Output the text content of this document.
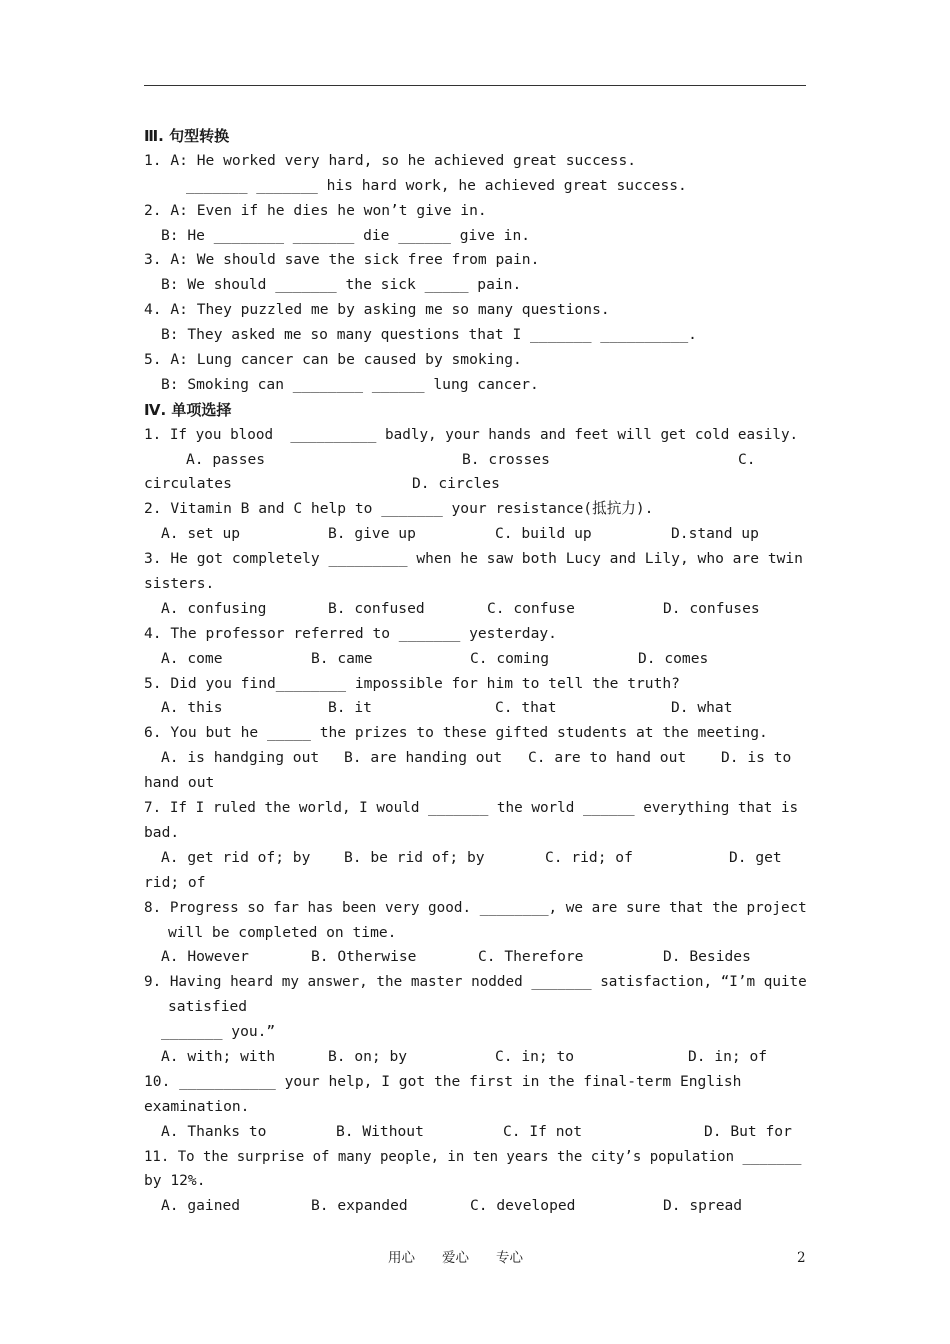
Ⅲ. 句型转换
1. A: He worked very hard, so he achieved great success.
_______ _______ his hard work, he achieved great success.
2. A: Even if he dies he won’t give in.
B: He ________ _______ die ______ give in.
3. A: We should save the sick free from pain.
B: We should _______ the sick _____ pain.
4. A: They puzzled me by asking me so many questions.
B: They asked me so many questions that I _______ __________.
5. A: Lung cancer can be caused by smoking.
B: Smoking can ________ ______ lung cancer.
Ⅳ. 单项选择
1. If you blood  __________ badly, your hands and feet will get cold easily.

A. passes

	B. crosses

	C.

circulates

	D. circles

2. Vitamin B and C help to _______ your resistance(抵抗力).

A. set up

	B. give up

	C. build up

	D.stand up

3. He got completely _________ when he saw both Lucy and Lily, who are twin
sisters.

A. confusing

	B. confused

	C. confuse

	D. confuses

4. The professor referred to _______ yesterday.

A. come

	B. came

	C. coming

	D. comes

5. Did you find________ impossible for him to tell the truth?

A. this

	B. it

	C. that

	D. what

6. You but he _____ the prizes to these gifted students at the meeting.

A. is handging out

B. are handing out

C. are to hand out

D. is to

hand out
7. If I ruled the world, I would _______ the world ______ everything that is
bad.

A. get rid of; by

B. be rid of; by

	C. rid; of

	D. get

rid; of
8. Progress so far has been very good. ________, we are sure that the project
will be completed on time.

A. However

	B. Otherwise

	C. Therefore

	D. Besides

9. Having heard my answer, the master nodded _______ satisfaction, “I’m quite
satisfied
_______ you.”

A. with; with

	B. on; by

	C. in; to

	D. in; of

10. ___________ your help, I got the first in the final-term English
examination.

A. Thanks to

	B. Without

	C. If not

	D. But for

11. To the surprise of many people, in ten years the city’s population _______
by 12%.

A. gained

	B. expanded

	C. developed

	D. spread

用心　　爱心　　专心	2
